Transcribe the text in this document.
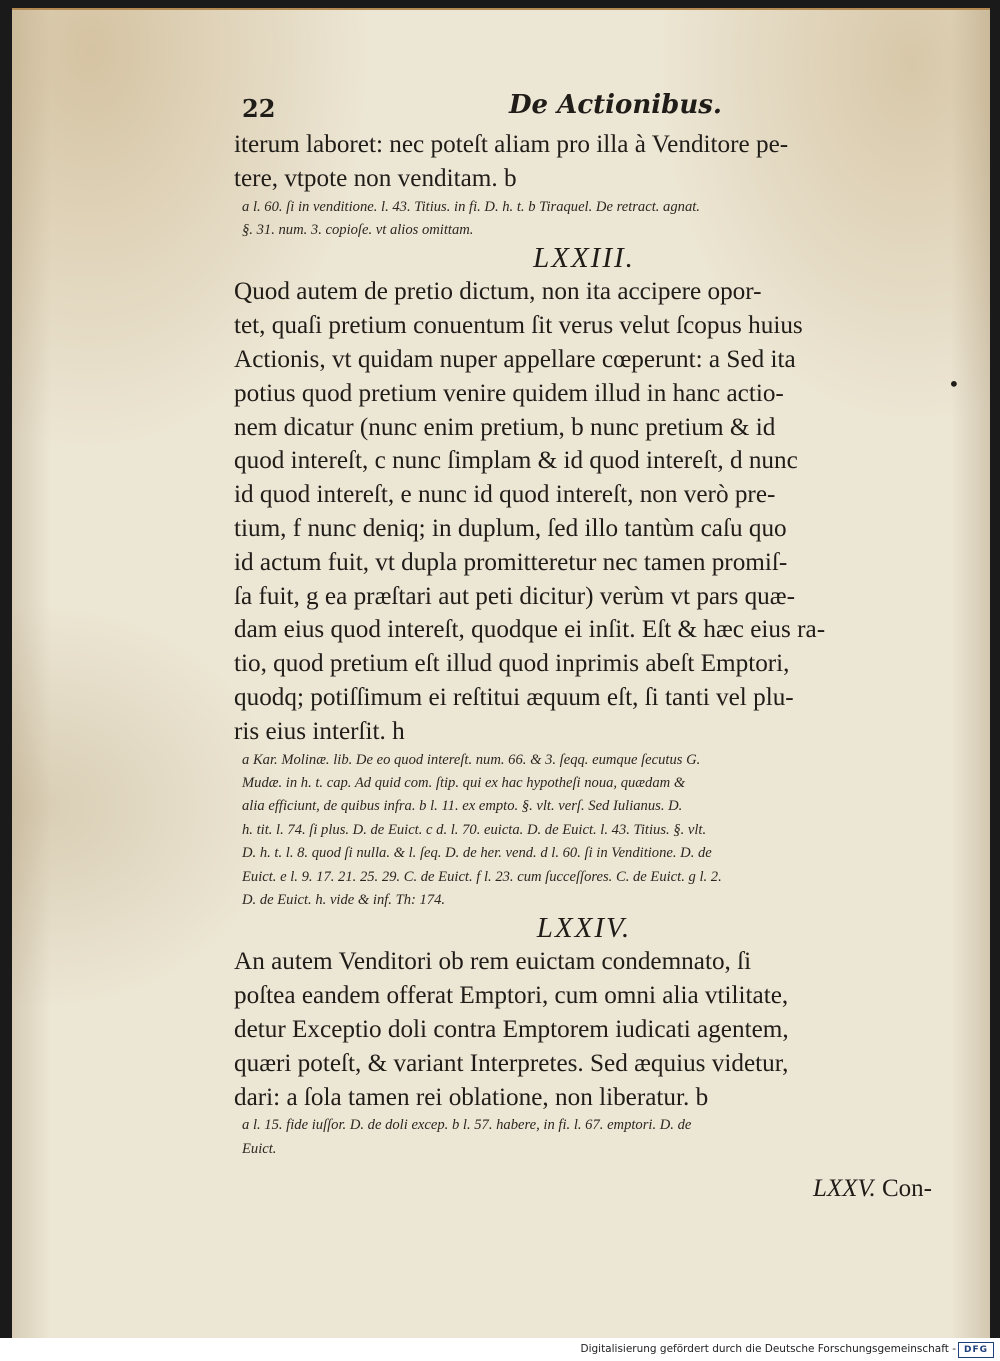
•
22	De Actionibus.

iterum laboret: nec poteſt aliam pro illa à Venditore pe-
tere, vtpote non venditam. b

a l. 60. ſi in venditione. l. 43. Titius. in fi. D. h. t. b Tiraquel. De retract. agnat.
§. 31. num. 3. copioſe. vt alios omittam.

LXXIII.

Quod autem de pretio dictum, non ita accipere opor-
tet, quaſi pretium conuentum ſit verus velut ſcopus huius
Actionis, vt quidam nuper appellare cœperunt: a Sed ita
potius quod pretium venire quidem illud in hanc actio-
nem dicatur (nunc enim pretium, b nunc pretium & id
quod intereſt, c nunc ſimplam & id quod intereſt, d nunc
id quod intereſt, e nunc id quod intereſt, non verò pre-
tium, f nunc deniq; in duplum, ſed illo tantùm caſu quo
id actum fuit, vt dupla promitteretur nec tamen promiſ-
ſa fuit, g ea præſtari aut peti dicitur) verùm vt pars quæ-
dam eius quod intereſt, quodque ei inſit. Eſt & hæc eius ra-
tio, quod pretium eſt illud quod inprimis abeſt Emptori,
quodq; potiſſimum ei reſtitui æquum eſt, ſi tanti vel plu-
ris eius interſit. h

a Kar. Molinæ. lib. De eo quod intereſt. num. 66. & 3. ſeqq. eumque ſecutus G.
Mudæ. in h. t. cap. Ad quid com. ſtip. qui ex hac hypotheſi noua, quædam &
alia efficiunt, de quibus infra. b l. 11. ex empto. §. vlt. verſ. Sed Iulianus. D.
h. tit. l. 74. ſi plus. D. de Euict. c d. l. 70. euicta. D. de Euict. l. 43. Titius. §. vlt.
D. h. t. l. 8. quod ſi nulla. & l. ſeq. D. de her. vend. d l. 60. ſi in Venditione. D. de
Euict. e l. 9. 17. 21. 25. 29. C. de Euict. f l. 23. cum ſucceſſores. C. de Euict. g l. 2.
D. de Euict. h. vide & inf. Th: 174.

LXXIV.

An autem Venditori ob rem euictam condemnato, ſi
poſtea eandem offerat Emptori, cum omni alia vtilitate,
detur Exceptio doli contra Emptorem iudicati agentem,
quæri poteſt, & variant Interpretes. Sed æquius videtur,
dari: a ſola tamen rei oblatione, non liberatur. b

a l. 15. fide iuſſor. D. de doli excep. b l. 57. habere, in fi. l. 67. emptori. D. de
Euict.

LXXV. Con-
Digitalisierung gefördert durch die Deutsche Forschungsgemeinschaft - DFG
